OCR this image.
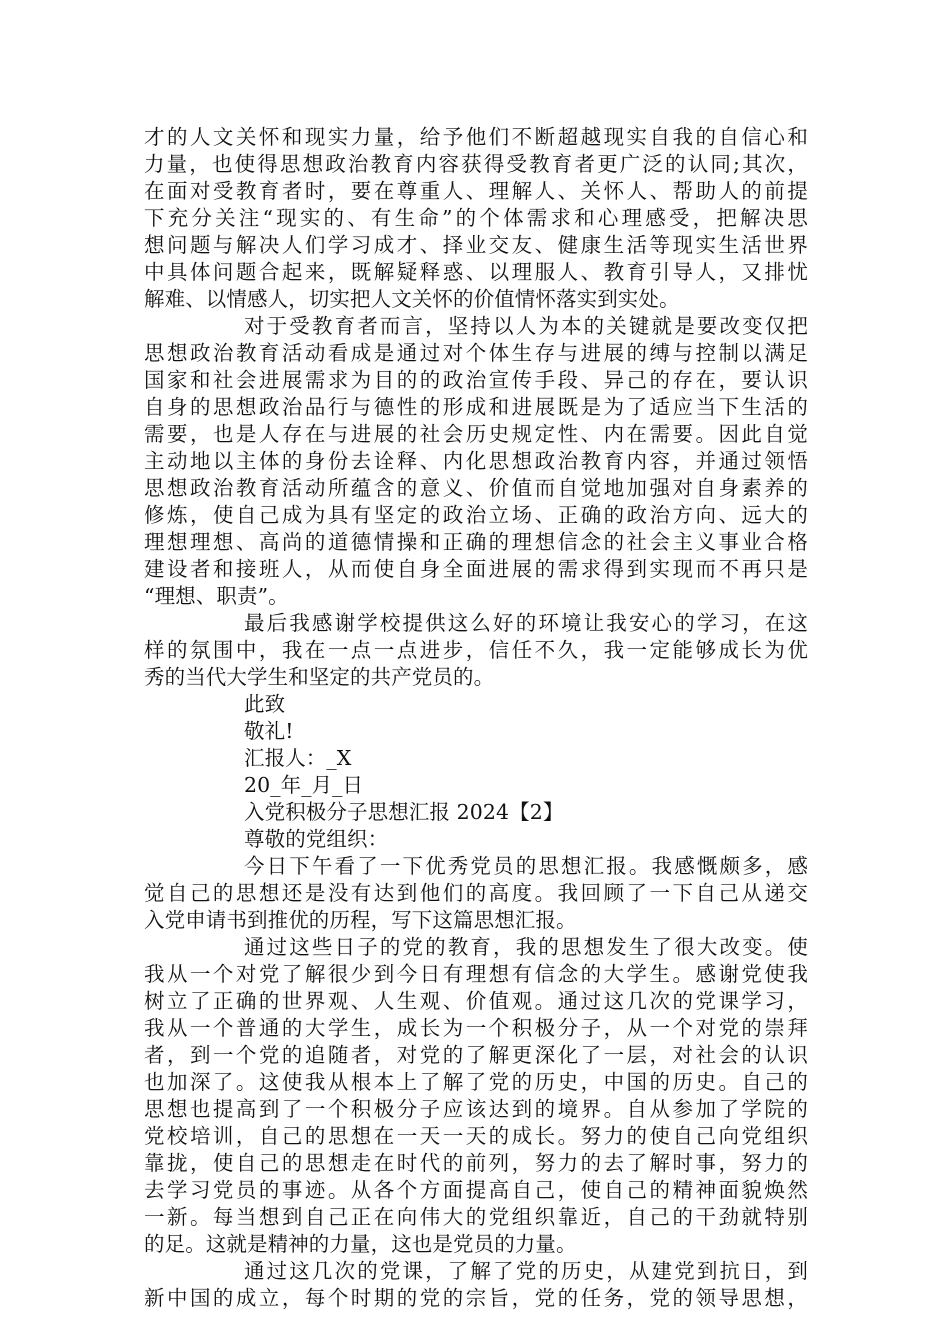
才的人文关怀和现实力量，给予他们不断超越现实自我的自信心和
力量，也使得思想政治教育内容获得受教育者更广泛的认同;其次，
在面对受教育者时，要在尊重人、理解人、关怀人、帮助人的前提
下充分关注“现实的、有生命”的个体需求和心理感受，把解决思
想问题与解决人们学习成才、择业交友、健康生活等现实生活世界
中具体问题合起来，既解疑释惑、以理服人、教育引导人，又排忧
解难、以情感人，切实把人文关怀的价值情怀落实到实处。
对于受教育者而言，坚持以人为本的关键就是要改变仅把
思想政治教育活动看成是通过对个体生存与进展的缚与控制以满足
国家和社会进展需求为目的的政治宣传手段、异己的存在，要认识
自身的思想政治品行与德性的形成和进展既是为了适应当下生活的
需要，也是人存在与进展的社会历史规定性、内在需要。因此自觉
主动地以主体的身份去诠释、内化思想政治教育内容，并通过领悟
思想政治教育活动所蕴含的意义、价值而自觉地加强对自身素养的
修炼，使自己成为具有坚定的政治立场、正确的政治方向、远大的
理想理想、高尚的道德情操和正确的理想信念的社会主义事业合格
建设者和接班人，从而使自身全面进展的需求得到实现而不再只是
“理想、职责”。
最后我感谢学校提供这么好的环境让我安心的学习，在这
样的氛围中，我在一点一点进步，信任不久，我一定能够成长为优
秀的当代大学生和坚定的共产党员的。
此致
敬礼!
汇报人：_X
20_年_月_日
入党积极分子思想汇报 2024【2】
尊敬的党组织：
今日下午看了一下优秀党员的思想汇报。我感慨颇多，感
觉自己的思想还是没有达到他们的高度。我回顾了一下自己从递交
入党申请书到推优的历程，写下这篇思想汇报。
通过这些日子的党的教育，我的思想发生了很大改变。使
我从一个对党了解很少到今日有理想有信念的大学生。感谢党使我
树立了正确的世界观、人生观、价值观。通过这几次的党课学习，
我从一个普通的大学生，成长为一个积极分子，从一个对党的崇拜
者，到一个党的追随者，对党的了解更深化了一层，对社会的认识
也加深了。这使我从根本上了解了党的历史，中国的历史。自己的
思想也提高到了一个积极分子应该达到的境界。自从参加了学院的
党校培训，自己的思想在一天一天的成长。努力的使自己向党组织
靠拢，使自己的思想走在时代的前列，努力的去了解时事，努力的
去学习党员的事迹。从各个方面提高自己，使自己的精神面貌焕然
一新。每当想到自己正在向伟大的党组织靠近，自己的干劲就特别
的足。这就是精神的力量，这也是党员的力量。
通过这几次的党课，了解了党的历史，从建党到抗日，到
新中国的成立，每个时期的党的宗旨，党的任务，党的领导思想，
